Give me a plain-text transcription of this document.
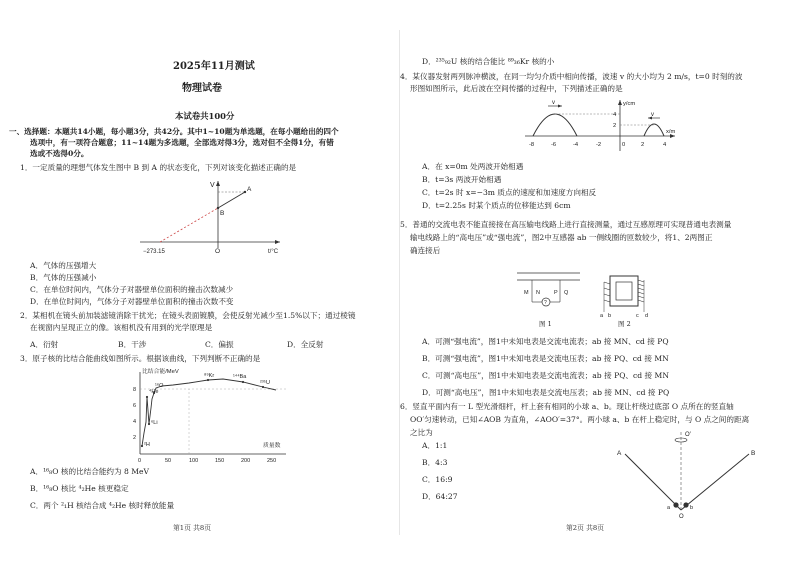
2025年11月测试
物理试卷
本试卷共100分
一、选择题：本题共14小题，每小题3分，共42分。其中1~10题为单选题，在每小题给出的四个
选项中，有一项符合题意；11~14题为多选题，全部选对得3分，选对但不全得1分，有错
选或不选得0分。
1．一定质量的理想气体发生图中 B 到 A 的状态变化，下列对该变化描述正确的是
V
t/°C
O
−273.15
A
B
A．气体的压强增大
B．气体的压强减小
C．在单位时间内，气体分子对器壁单位面积的撞击次数减少
D．在单位时间内，气体分子对器壁单位面积的撞击次数不变
2．某相机在镜头前加装滤镜消除干扰光；在镜头表面镀膜，会使反射光减少至1.5%以下；通过棱镜
在视窗内呈现正立的像。该相机没有用到的光学原理是
A．衍射	B．干涉	C．偏振	D．全反射
3．原子核的比结合能曲线如图所示。根据该曲线，下列判断不正确的是
比结合能/MeV
质量数
8
6
4
2
0	50	100	150	200	250
⁴He
¹⁶O
⁸⁹Kr	¹⁴⁴Ba
²³⁵U
⁶Li
²H
A．¹⁶₈O 核的比结合能约为 8 MeV
B．¹⁶₈O 核比 ⁴₂He 核更稳定
C．两个 ²₁H 核结合成 ⁴₂He 核时释放能量
第1页 共8页
D．²³⁵₉₂U 核的结合能比 ⁸⁹₃₆Kr 核的小
4．某仪器发射两列脉冲横波，在同一均匀介质中相向传播，波速 v 的大小均为 2 m/s，t=0 时刻的波
形图如图所示，此后波在空间传播的过程中，下列描述正确的是
v
v
y/cm
x/m
4
2
-8	-6	-4	-2	0	2	4
A．在 x=0m 处两波开始相遇
B．t=3s 两波开始相遇
C．t=2s 时 x=−3m 质点的速度和加速度方向相反
D．t=2.25s 时某个质点的位移能达到 6cm
5．普通的交流电表不能直接接在高压输电线路上进行直接测量，通过互感原理可实现普通电表测量
输电线路上的“高电压”或“强电流”，图2中互感器 ab 一侧线圈的匝数较少，将1、2两图正
确连接后
?
M N	P Q
图 1
a b	c d
图 2
A．可测“强电流”，图1中未知电表是交流电流表；ab 接 MN、cd 接 PQ
B．可测“强电流”，图1中未知电表是交流电压表；ab 接 PQ、cd 接 MN
C．可测“高电压”，图1中未知电表是交流电流表；ab 接 PQ、cd 接 MN
D．可测“高电压”，图1中未知电表是交流电压表；ab 接 MN、cd 接 PQ
6．竖直平面内有一 L 型光滑细杆，杆上套有相同的小球 a、b。现让杆绕过底部 O 点所在的竖直轴
OO′匀速转动，已知∠AOB 为直角，∠AOO′=37°。两小球 a、b 在杆上稳定时，与 O 点之间的距离
之比为
A．1:1
B．4:3
C．16:9
D．64:27
O′
A	B
O
a	b
第2页 共8页
